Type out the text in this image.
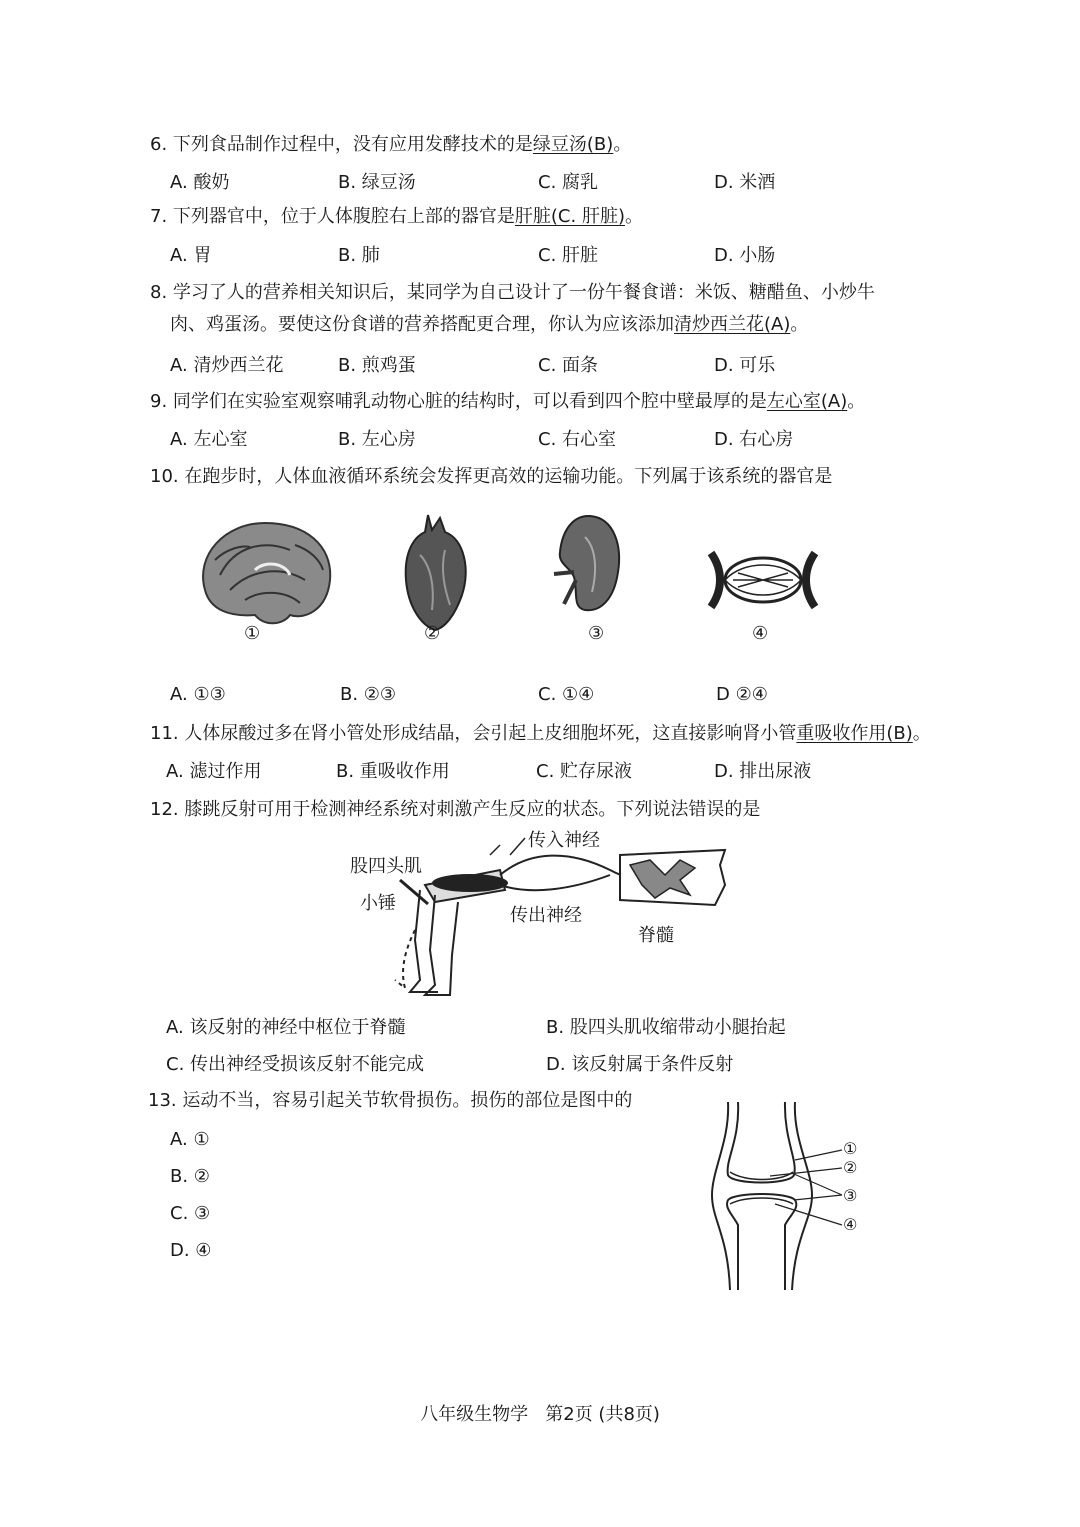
6. 下列食品制作过程中，没有应用发酵技术的是绿豆汤(B)。
A. 酸奶	B. 绿豆汤	C. 腐乳	D. 米酒
7. 下列器官中，位于人体腹腔右上部的器官是肝脏(C. 肝脏)。
A. 胃	B. 肺	C. 肝脏	D. 小肠
8. 学习了人的营养相关知识后，某同学为自己设计了一份午餐食谱：米饭、糖醋鱼、小炒牛
肉、鸡蛋汤。要使这份食谱的营养搭配更合理，你认为应该添加清炒西兰花(A)。
A. 清炒西兰花	B. 煎鸡蛋	C. 面条	D. 可乐
9. 同学们在实验室观察哺乳动物心脏的结构时，可以看到四个腔中壁最厚的是左心室(A)。
A. 左心室	B. 左心房	C. 右心室	D. 右心房
10. 在跑步时，人体血液循环系统会发挥更高效的运输功能。下列属于该系统的器官是
①	②	③	④
A. ①③	B. ②③	C. ①④	D ②④
11. 人体尿酸过多在肾小管处形成结晶，会引起上皮细胞坏死，这直接影响肾小管重吸收作用(B)。
A. 滤过作用	B. 重吸收作用	C. 贮存尿液	D. 排出尿液
12. 膝跳反射可用于检测神经系统对刺激产生反应的状态。下列说法错误的是
传入神经
股四头肌
小锤
传出神经
脊髓
A. 该反射的神经中枢位于脊髓	B. 股四头肌收缩带动小腿抬起
C. 传出神经受损该反射不能完成	D. 该反射属于条件反射
13. 运动不当，容易引起关节软骨损伤。损伤的部位是图中的
A. ①
B. ②
C. ③
D. ④
①
②
③
④
八年级生物学   第2页 (共8页)
